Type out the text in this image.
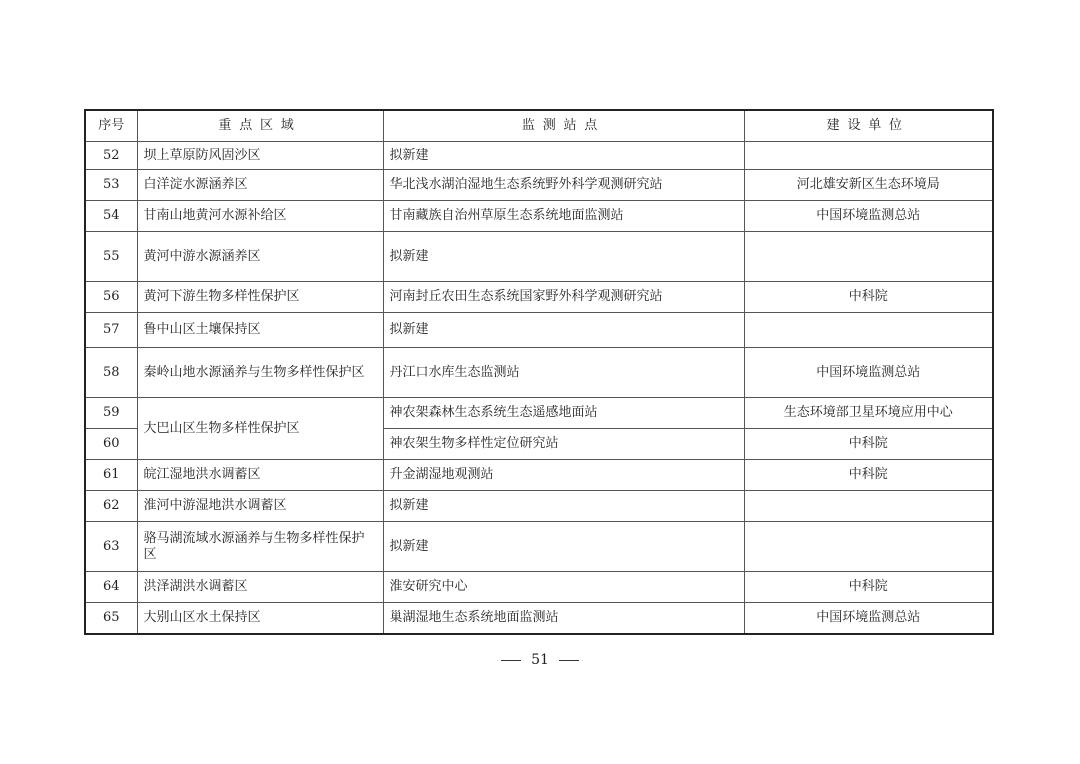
序号	重点区域	监测站点	建设单位
52	坝上草原防风固沙区	拟新建	
53	白洋淀水源涵养区	华北浅水湖泊湿地生态系统野外科学观测研究站	河北雄安新区生态环境局
54	甘南山地黄河水源补给区	甘南藏族自治州草原生态系统地面监测站	中国环境监测总站
55	黄河中游水源涵养区	拟新建	
56	黄河下游生物多样性保护区	河南封丘农田生态系统国家野外科学观测研究站	中科院
57	鲁中山区土壤保持区	拟新建	
58	秦岭山地水源涵养与生物多样性保护区	丹江口水库生态监测站	中国环境监测总站
59	大巴山区生物多样性保护区	神农架森林生态系统生态遥感地面站	生态环境部卫星环境应用中心
60		神农架生物多样性定位研究站	中科院
61	皖江湿地洪水调蓄区	升金湖湿地观测站	中科院
62	淮河中游湿地洪水调蓄区	拟新建	
63	骆马湖流域水源涵养与生物多样性保护区	拟新建	
64	洪泽湖洪水调蓄区	淮安研究中心	中科院
65	大别山区水土保持区	巢湖湿地生态系统地面监测站	中国环境监测总站
51
